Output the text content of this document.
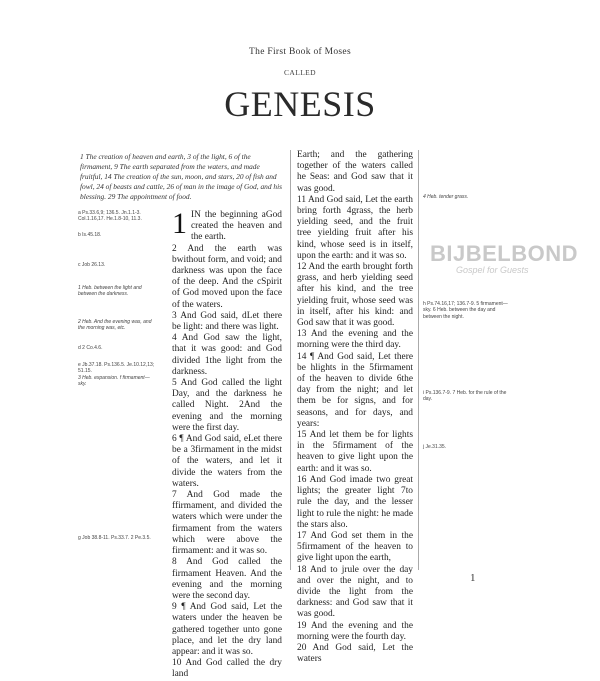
The First Book of Moses
CALLED
GENESIS
1 The creation of heaven and earth, 3 of the light, 6 of the firmament, 9 The earth separated from the waters, and made fruitful, 14 The creation of the sun, moon, and stars, 20 of fish and fowl, 24 of beasts and cattle, 26 of man in the image of God, and his blessing. 29 The appointment of food.
1 IN the beginning aGod created the heaven and the earth.
2 And the earth was bwithout form, and void; and darkness was upon the face of the deep. And the cSpirit of God moved upon the face of the waters.
3 And God said, dLet there be light: and there was light.
4 And God saw the light, that it was good: and God divided 1the light from the darkness.
5 And God called the light Day, and the darkness he called Night. 2And the evening and the morning were the first day.
6 ¶ And God said, eLet there be a 3firmament in the midst of the waters, and let it divide the waters from the waters.
7 And God made the ffirmament, and divided the waters which were under the firmament from the waters which were above the firmament: and it was so.
8 And God called the firmament Heaven. And the evening and the morning were the second day.
9 ¶ And God said, Let the waters under the heaven be gathered together unto gone place, and let the dry land appear: and it was so.
10 And God called the dry land
Earth; and the gathering together of the waters called he Seas: and God saw that it was good.
11 And God said, Let the earth bring forth 4grass, the herb yielding seed, and the fruit tree yielding fruit after his kind, whose seed is in itself, upon the earth: and it was so.
12 And the earth brought forth grass, and herb yielding seed after his kind, and the tree yielding fruit, whose seed was in itself, after his kind: and God saw that it was good.
13 And the evening and the morning were the third day.
14 ¶ And God said, Let there be hlights in the 5firmament of the heaven to divide 6the day from the night; and let them be for signs, and for seasons, and for days, and years:
15 And let them be for lights in the 5firmament of the heaven to give light upon the earth: and it was so.
16 And God imade two great lights; the greater light 7to rule the day, and the lesser light to rule the night: he made the stars also.
17 And God set them in the 5firmament of the heaven to give light upon the earth,
18 And to jrule over the day and over the night, and to divide the light from the darkness: and God saw that it was good.
19 And the evening and the morning were the fourth day.
20 And God said, Let the waters
a Ps.33.6,9; 136.5. Jn.1.1-3. Col.1.16,17. He.1.8-10, 11.3.
b Is.45.18.
c Job 26.13.
1 Heb. between the light and between the darkness.
2 Heb. And the evening was, and the morning was, etc.
d 2 Co.4.6.
e Jb.37.18. Ps.136.5. Je.10.12,13; 51.15.
3 Heb. expansion. f firmament—sky.
g Job 38.8-11. Ps.33.7. 2 Pe.3.5.
4 Heb. tender grass.
h Ps.74.16,17; 136.7-9. 5 firmament—sky. 6 Heb. between the day and between the night.
i Ps.136.7-9. 7 Heb. for the rule of the day.
j Je.31.35.
BIJBELBOND
Gospel for Guests
1
